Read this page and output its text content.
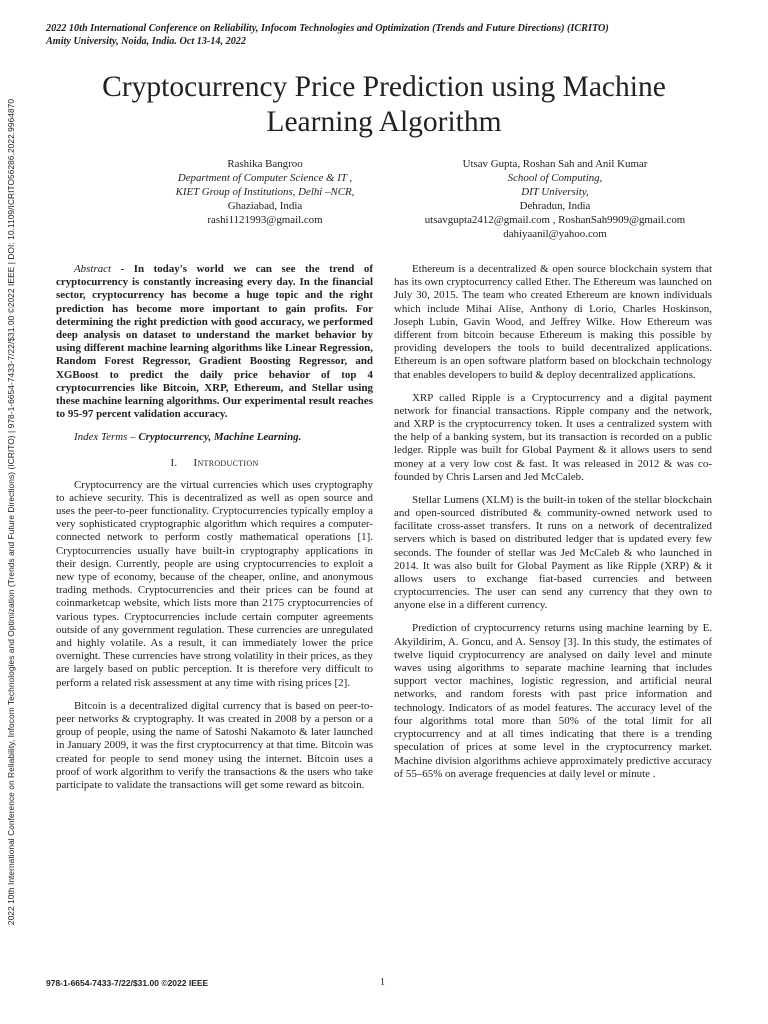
2022 10th International Conference on Reliability, Infocom Technologies and Optimization (Trends and Future Directions) (ICRITO) | 978-1-6654-7433-7/22/$31.00 ©2022 IEEE | DOI: 10.1109/ICRITO56286.2022.9964870
2022 10th International Conference on Reliability, Infocom Technologies and Optimization (Trends and Future Directions) (ICRITO)
Amity University, Noida, India. Oct 13-14, 2022
Cryptocurrency Price Prediction using Machine Learning Algorithm
Rashika Bangroo
Department of Computer Science & IT ,
KIET Group of Institutions, Delhi –NCR,
Ghaziabad, India
rashi1121993@gmail.com
Utsav Gupta, Roshan Sah and Anil Kumar
School of Computing,
DIT University,
Dehradun, India
utsavgupta2412@gmail.com , RoshanSah9909@gmail.com
dahiyaanil@yahoo.com

Abstract - In today's world we can see the trend of cryptocurrency is constantly increasing every day. In the financial sector, cryptocurrency has become a huge topic and the right prediction has become more important to gain profits. For determining the right prediction with good accuracy, we performed deep analysis on dataset to understand the market behavior by using different machine learning algorithms like Linear Regression, Random Forest Regressor, Gradient Boosting Regressor, and XGBoost to predict the daily price behavior of top 4 cryptocurrencies like Bitcoin, XRP, Ethereum, and Stellar using these machine learning algorithms. Our experimental result reaches to 95-97 percent validation accuracy.

Index Terms – Cryptocurrency, Machine Learning.

I. Introduction

Cryptocurrency are the virtual currencies which uses cryptography to achieve security. This is decentralized as well as open source and uses the peer-to-peer functionality. Cryptocurrencies typically employ a very sophisticated cryptographic algorithm which requires a computer-connected network to perform costly mathematical operations [1]. Cryptocurrencies usually have built-in cryptography applications in their design. Currently, people are using cryptocurrencies to exploit a new type of economy, because of the cheaper, online, and anonymous trading methods. Cryptocurrencies and their prices can be found at coinmarketcap website, which lists more than 2175 cryptocurrencies of various types. Cryptocurrencies include certain computer agreements outside of any government regulation. These currencies are unregulated and highly volatile. As a result, it can immediately lower the price overnight. These currencies have strong volatility in their prices, as they are largely based on public perception. It is therefore very difficult to perform a related risk assessment at any time with rising prices [2].

Bitcoin is a decentralized digital currency that is based on peer-to-peer networks & cryptography. It was created in 2008 by a person or a group of people, using the name of Satoshi Nakamoto & later launched in January 2009, it was the first cryptocurrency at that time. Bitcoin was created for people to send money using the internet. Bitcoin uses a proof of work algorithm to verify the transactions & the users who take participate to validate the transactions will get some reward as bitcoin.

Ethereum is a decentralized & open source blockchain system that has its own cryptocurrency called Ether. The Ethereum was launched on July 30, 2015. The team who created Ethereum are known individuals which include Mihai Alise, Anthony di Lorio, Charles Hoskinson, Joseph Lubin, Gavin Wood, and Jeffrey Wilke. How Ethereum was different from bitcoin because Ethereum is making this possible by providing developers the tools to build decentralized applications. Ethereum is an open software platform based on blockchain technology that enables developers to build & deploy decentralized applications.

XRP called Ripple is a Cryptocurrency and a digital payment network for financial transactions. Ripple company and the network, and XRP is the cryptocurrency token. It uses a centralized system with the help of a banking system, but its transaction is recorded on a public ledger. Ripple was built for Global Payment & it allows users to send money at a very low cost & fast. It was released in 2012 & was co-founded by Chris Larsen and Jed McCaleb.

Stellar Lumens (XLM) is the built-in token of the stellar blockchain and open-sourced distributed & community-owned network used to facilitate cross-asset transfers. It runs on a network of decentralized servers which is based on distributed ledger that is updated every few seconds. The founder of stellar was Jed McCaleb & who launched in 2014. It was also built for Global Payment as like Ripple (XRP) & it allows users to exchange fiat-based currencies and between cryptocurrencies. The user can send any currency that they own to anyone else in a different currency.

Prediction of cryptocurrency returns using machine learning by E. Akyildirim, A. Goncu, and A. Sensoy [3]. In this study, the estimates of twelve liquid cryptocurrency are analysed on daily level and minute waves using algorithms to separate machine learning that includes support vector machines, logistic regression, and artificial neural networks, and random forests with past price information and technology. Indicators of as model features. The accuracy level of the four algorithms total more than 50% of the total limit for all cryptocurrency and at all times indicating that there is a trending speculation of prices at some level in the cryptocurrency market. Machine division algorithms achieve approximately predictive accuracy of 55–65% on average frequencies at daily level or minute .

978-1-6654-7433-7/22/$31.00 ©2022 IEEE	1
